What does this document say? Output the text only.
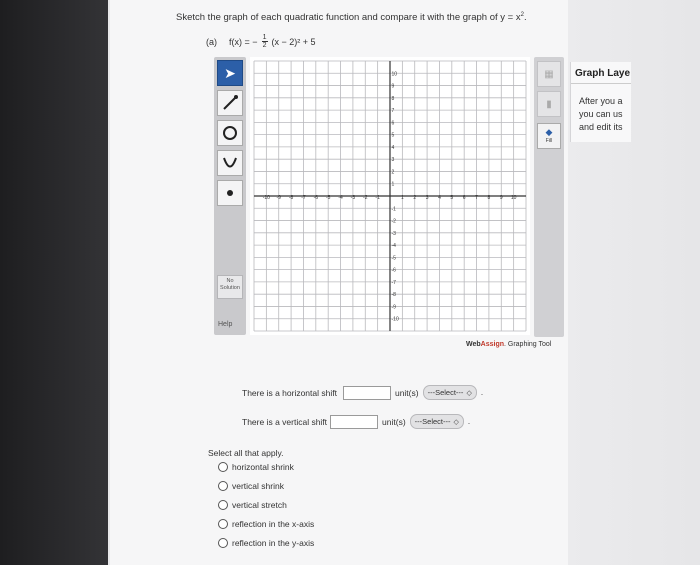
Sketch the graph of each quadratic function and compare it with the graph of $y = x^2$.
(a) f(x) = − $\frac{1}{2} (x - 2)^2 + 5$
➤
No Solution
Help
-10 -9 -8 -7 -6 -5 -4 -3 -2 -1	1 2 3 4 5 6 7 8 9 10
10
9
8
7
6
5
4
3
2
1
-1
-2
-3
-4
-5
-6
-7
-8
-9
-10
▦
▮
◆
Fill
WebAssign. Graphing Tool
Graph Laye
After you a
you can us
and edit its
There is a horizontal shift	unit(s) ---Select--- ◇ .
There is a vertical shift	unit(s) ---Select--- ◇ .
Select all that apply.
horizontal shrink
vertical shrink
vertical stretch
reflection in the x-axis
reflection in the y-axis
